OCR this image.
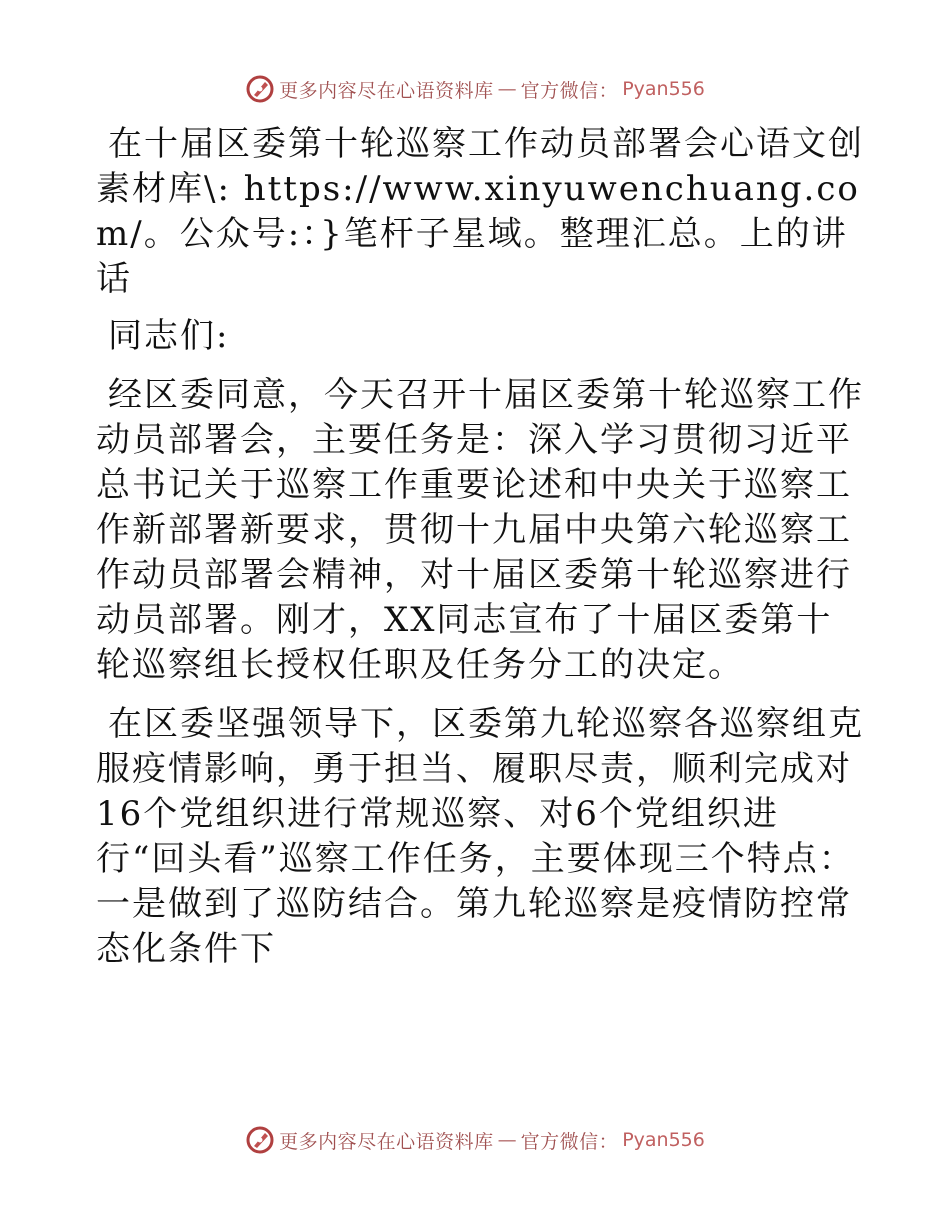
更多内容尽在心语资料库 — 官方微信： Pyan556

在十届区委第十轮巡察工作动员部署会心语文创素材库\: https://www.xinyuwenchuang.com/。公众号:：}笔杆子星域。整理汇总。上的讲话

同志们:

经区委同意，今天召开十届区委第十轮巡察工作动员部署会，主要任务是：深入学习贯彻习近平总书记关于巡察工作重要论述和中央关于巡察工作新部署新要求，贯彻十九届中央第六轮巡察工作动员部署会精神，对十届区委第十轮巡察进行动员部署。刚才，XX同志宣布了十届区委第十轮巡察组长授权任职及任务分工的决定。

在区委坚强领导下，区委第九轮巡察各巡察组克服疫情影响，勇于担当、履职尽责，顺利完成对16个党组织进行常规巡察、对6个党组织进行“回头看”巡察工作任务，主要体现三个特点：一是做到了巡防结合。第九轮巡察是疫情防控常态化条件下

更多内容尽在心语资料库 — 官方微信： Pyan556
